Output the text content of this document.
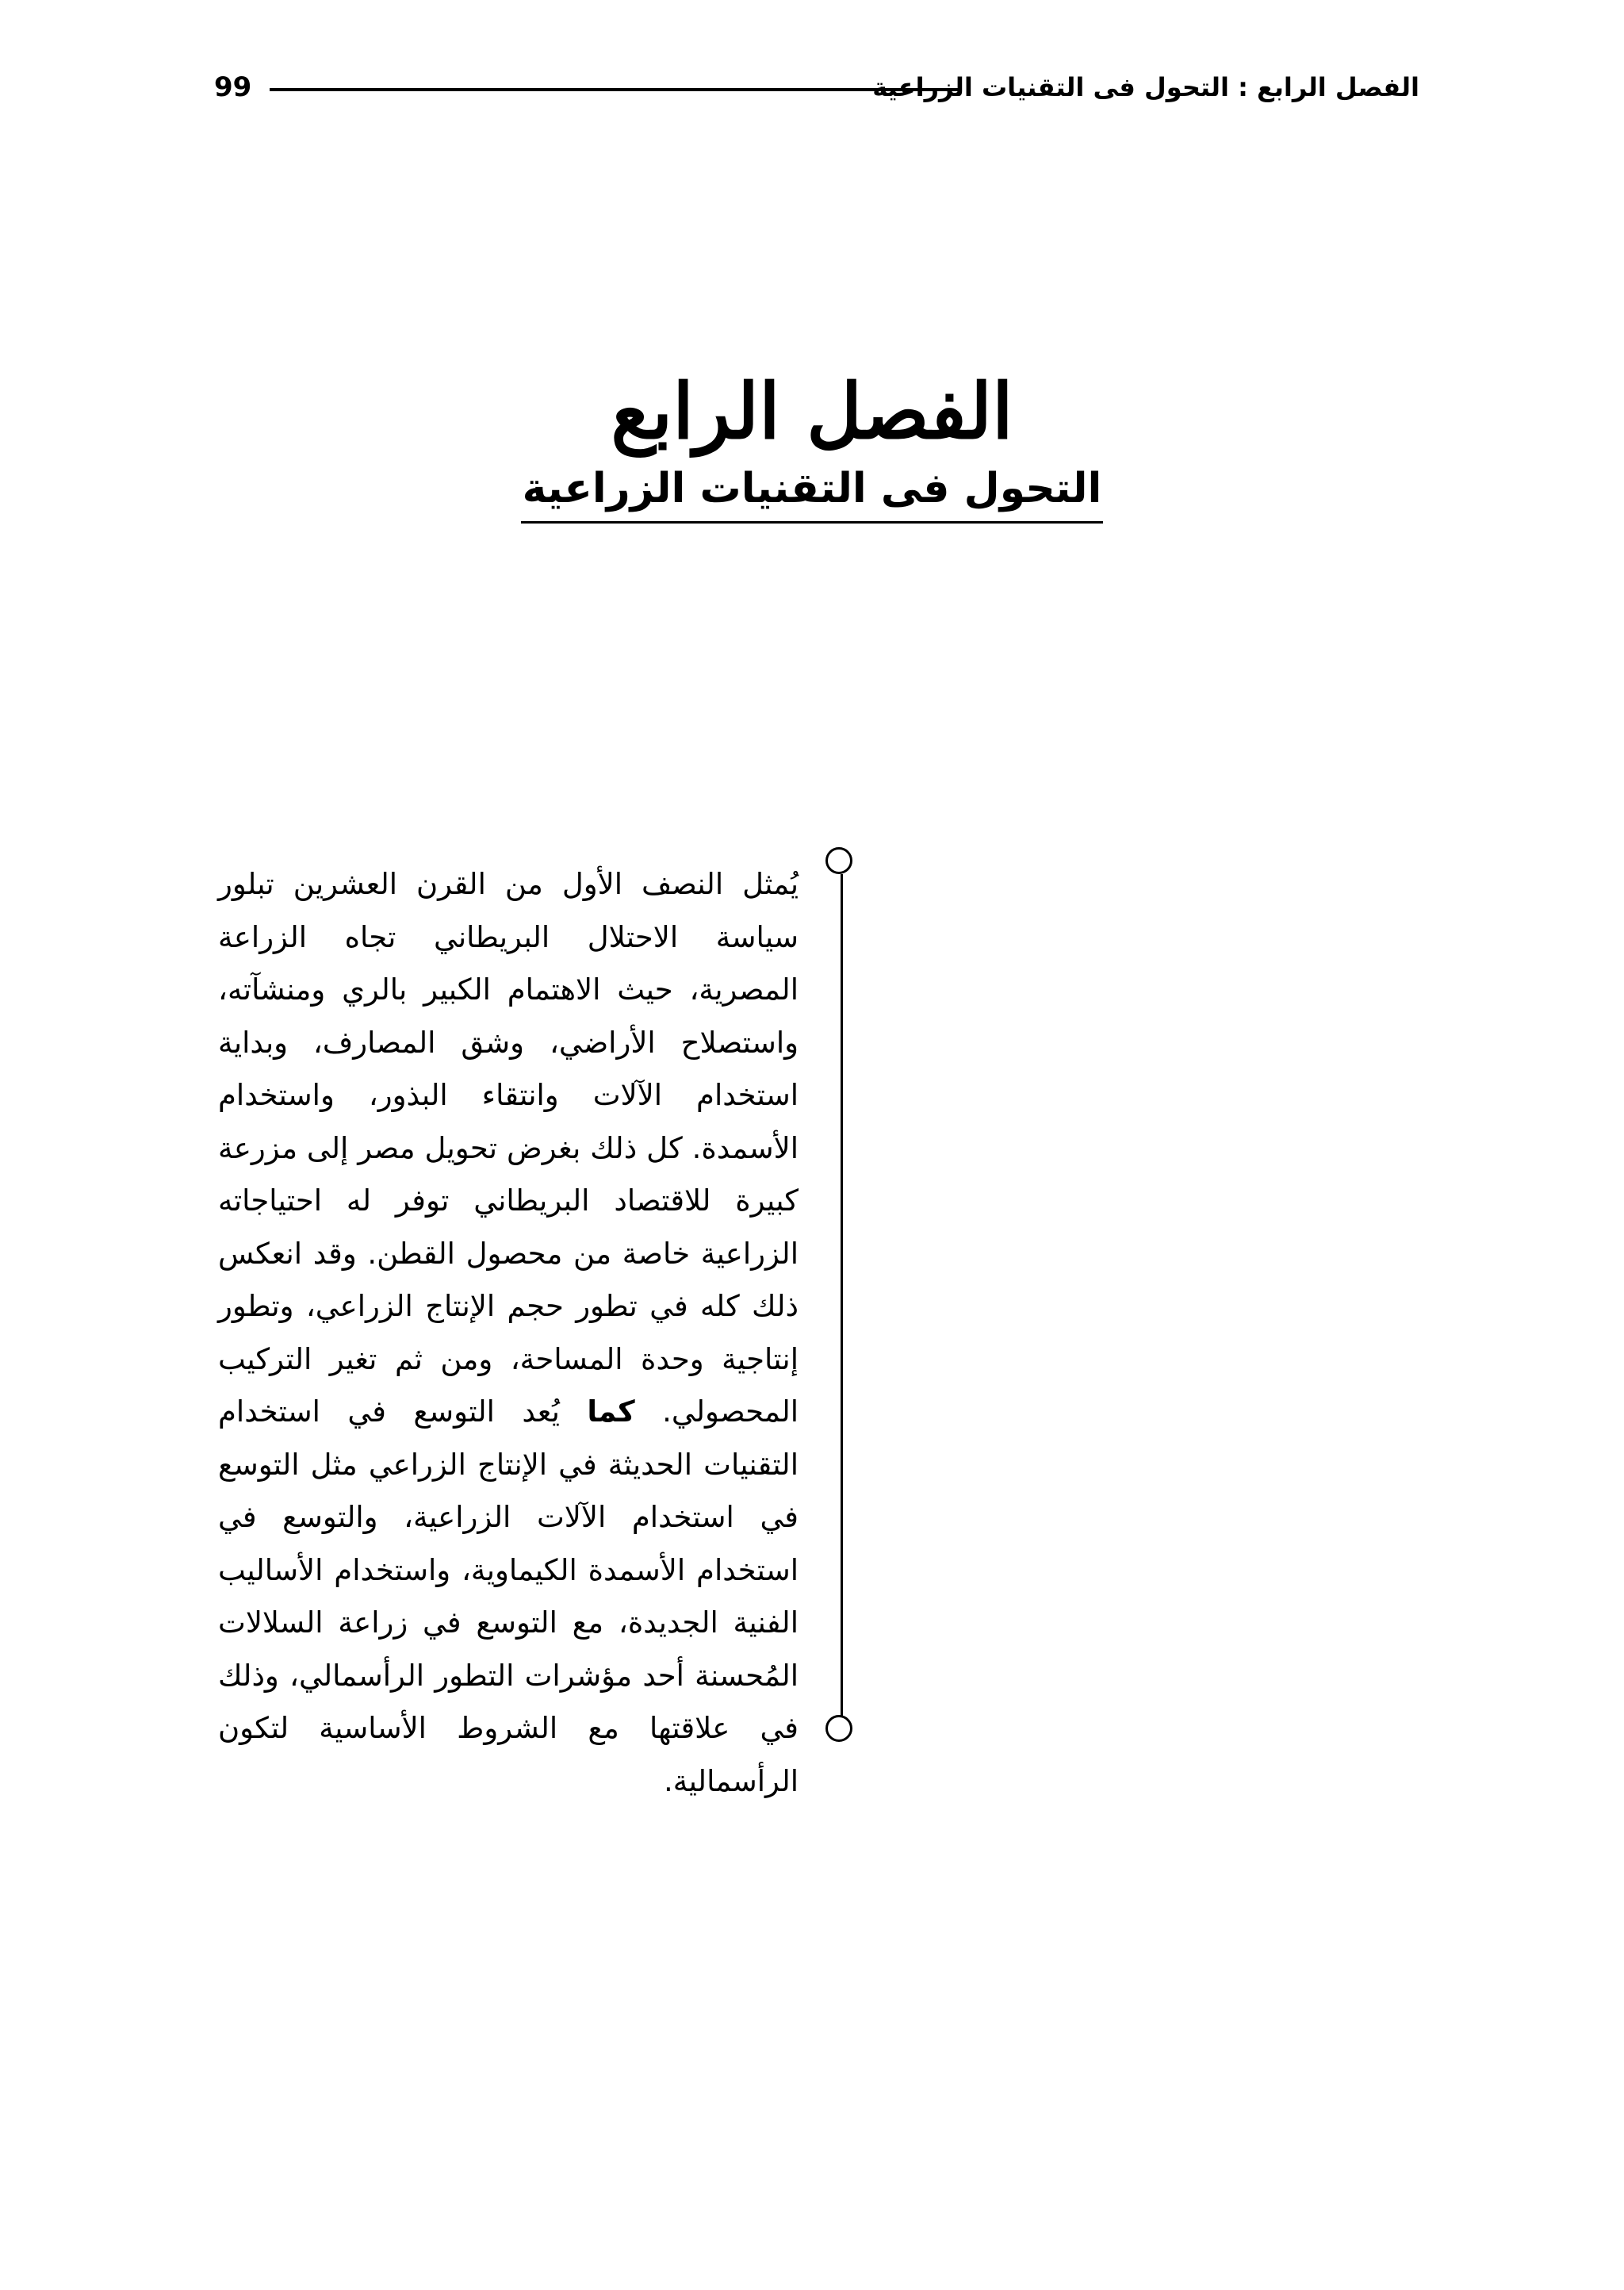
99	الفصل الرابع : التحول فى التقنيات الزراعية
الفصل الرابع
التحول فى التقنيات الزراعية

يُمثل النصف الأول من القرن العشرين تبلور سياسة الاحتلال البريطاني تجاه الزراعة المصرية، حيث الاهتمام الكبير بالري ومنشآته، واستصلاح الأراضي، وشق المصارف، وبداية استخدام الآلات وانتقاء البذور، واستخدام الأسمدة. كل ذلك بغرض تحويل مصر إلى مزرعة كبيرة للاقتصاد البريطاني توفر له احتياجاته الزراعية خاصة من محصول القطن. وقد انعكس ذلك كله في تطور حجم الإنتاج الزراعي، وتطور إنتاجية وحدة المساحة، ومن ثم تغير التركيب المحصولي. كما يُعد التوسع في استخدام التقنيات الحديثة في الإنتاج الزراعي مثل التوسع في استخدام الآلات الزراعية، والتوسع في استخدام الأسمدة الكيماوية، واستخدام الأساليب الفنية الجديدة، مع التوسع في زراعة السلالات المُحسنة أحد مؤشرات التطور الرأسمالي، وذلك في علاقتها مع الشروط الأساسية لتكون الرأسمالية.
